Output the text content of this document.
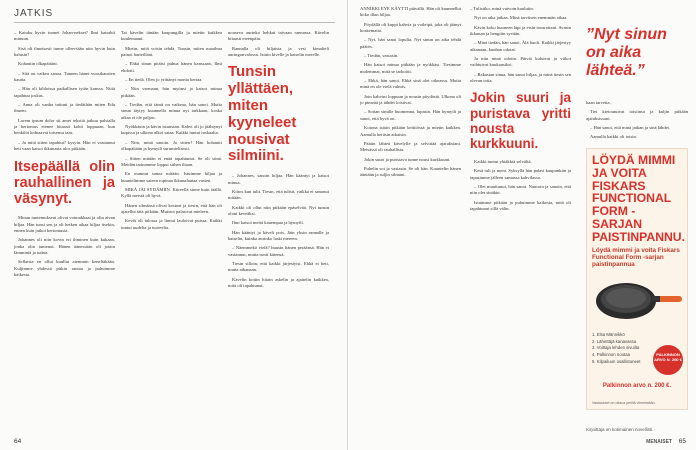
JATKIS

– Kaiuku hyvin tunnet Johan-nekset? Ilmi katsahti minuun.

Sisä oli ilmeisesti tunne ollen-tään niin hyvin kuin halusin?

Kohautin olkapäitäni.

– Sitä on vaikea sanoa. Tunnen hänet vuosikausien kautta.

– Hän oli kihloissa paikallisen tytön kanssa. Niitä tapahtuu joskus.

– Anna oli vanha tuttuni ja tiedäthän miten Edu ilmeni.

Lorem ipsum dolor sit amet tekstiä jatkuu palstalla ja kertomus etenee hitaasti kohti loppuaan, kun henkilöt kohtaavat toisensa taas.

– Ja mitä sitten tapahtui? kysyin. Hän ei vastannut heti vaan katsoi ikkunasta ulos pitkään.

Itsepäällä olin rauhallinen ja väsynyt.

Minun tuntemukseni olivat voimakkaat ja olin aivan hiljaa. Hän tunsi sen ja oli hetken aikaa hiljaa itsekin, ennen kuin jatkoi kertomusta.

Johannes oli niin kovin eri ihminen kuin kukaan, jonka olin tuntenut. Hänen äänessään oli jotain lämmintä ja tuttua.

Sellaista en ollut kuullut aiemmin keneltäkään. Kuljimme yhdessä pitkin rantaa ja puhuimme kaikesta.

Tai kävelin tänään kaupungilla ja mietin kaikkea kuulemaani.

Mietin, mitä voisin tehdä. Tunsin, miten maailma painoi harteillani.

– Ehkä sinun pitäisi puhua hänen kanssaan, Ilmi ehdotti.

– En tiedä. Olen jo yrittänyt monta kertaa.

– Niin varmaan, hän myönsi ja katsoi minua pitkään.

– Tiedän, että tämä on vaikeaa, hän sanoi. Mutta sinun täytyy kuunnella minua nyt tarkkaan, koska aikaa ei ole paljon.

Nyökkäsin ja kävin istumaan. Kahvi oli jo jäähtynyt kupissa ja ulkona alkoi sataa. Kaikki tuntui raskaalta.

– Niin, minä sanoin. Ja sitten? Hän kohautti olkapäitään ja hymyili surumielisesti.

– Sitten mitään ei enää tapahtunut. Se oli siinä. Meidän tarinamme loppui siihen iltaan.

En osannut sanoa mitään. Istuimme hiljaa ja kuuntelimme sateen ropinaa ikkunalautaa vasten.

MIKÄ JÄI SYDÄMIIN. Kiireellä sinne kuin täällä. Kyllä meistä oli hyvä.

Hänen silmänsä olivat kosteat ja tiesin, että hän oli ajatellut tätä pitkään. Muistot palasivat mieleen.

Kevät oli tulossa ja linnut lauloivat puissa. Kaikki tuntui uudelta ja tuoreelta.

nouseva aurinko hehkui taivaan rannassa. Kävelin hitaasti eteenpäin.

Rannalla oli hiljaista ja vesi kimalteli auringonvalossa. Istuin kivelle ja katselin merelle.

Tunsin yllättäen, miten kyyneleet nousivat silmiini.

– Johannes, sanoin hiljaa. Hän kääntyi ja katsoi minua.

Kiitos kun tulit. Tiesin, että tulisit, vaikka et sanonut mitään.

Kaikki oli ollut niin pitkään epäselvää. Nyt tunsin oloni keveäksi.

Ilmi katsoi meitä kauempaa ja hymyili.

Hän kääntyi ja käveli pois. Jäin yksin rannalle ja katselin, kuinka aurinko laski mereen.

– Näemmekö vielä? huusin hänen peräänsä. Hän ei vastannut, mutta nosti kätensä.

Tiesin silloin, että kaikki järjestyisi. Ehkä ei heti, mutta aikanaan.

Kävelin kotiin hitain askelin ja ajattelin kaikkea, mitä oli tapahtunut.

64

ANNIKKI EYE KÄYTTI päivällä. Hän oli kuunnellut koko illan hiljaa.

Pöydällä oli kuppi kahvia ja voileipä, joka oli jäänyt koskematta.

– Nyt, hän sanoi lopulta. Nyt sinun on aika tehdä päätös.

– Tiedän, vastasin.

Hän katsoi minua pitkään ja nyökkäsi. Tiesimme molemmat, mitä se tarkoitti.

– Ehkä, hän sanoi. Ehkä sinä olet oikeassa. Mutta minä en ole vielä valmis.

Join kahvini loppuun ja nousin pöydästä. Ulkona oli jo pimeää ja tähdet loistivat.

– Soitan sinulle huomenna, lupasin. Hän hymyili ja sanoi, että hyvä on.

Kotona istuin pitkään keittiössä ja mietin kaikkea. Aamulla heräsin aikaisin.

Päätin lähteä kävelylle ja selvittää ajatuksiani. Metsässä oli rauhallista.

Jokin suuri ja puristava tunne nousi kurkkuuni.

Puhelin soi ja vastasin. Se oli hän. Kuuntelin hänen ääntään ja suljin silmäni.

– Tulisitko, minä vaivoin kuulutin.

Nyt on aika jatkaa. Minä tarvitsen enemmän aikaa.

Kävin koko huoneen läpi ja etsin tavaroitani. Avasin ikkunan ja hengitin syvään.

– Minä tiedän, hän sanoi. Älä huoli. Kaikki järjestyy aikanaan, kunhan odotat.

Ja niin minä odotin. Päivät kuluivat ja viikot vaihtuivat kuukausiksi.

– Rakastan sinua, hän sanoi hiljaa, ja minä tiesin sen olevan totta.

Jokin suuri ja puristava yritti nousta kurkkuuni.

Kaikki tuntui yhtäkkiä selvältä.

Kesä tuli ja meni. Syksyllä hän palasi kaupunkiin ja tapasimme jälleen samassa kahvilassa.

– Olet muuttunut, hän sanoi. Nauroin ja sanoin, että niin olet sinäkin.

Istuimme pitkään ja puhuimme kaikesta, mitä oli tapahtunut sillä välin.

”Nyt sinun on aika lähteä.”

kaan tarvetta.

Tiet kietoutuivat toisiinsa ja kuljin pitkään ajatuksissani.

– Hän sanoi, että minä jatkan ja sinä lähdet.

Aamulla kaikki oli toisin.

LÖYDÄ MIMMI JA VOITA FISKARS FUNCTIONAL FORM -SARJAN PAISTINPANNU.
Löydä mimmi ja voita Fiskars Functional Form -sarjan paistinpannua
1. Elsa Männikkö
2. Lähettäjä kanavassa
3. Voittaja lehden sivuilta
4. Palkinnon noutaa
5. Kilpailuun osallistuneet
PALKINNON ARVO N. 200 €
Palkinnon arvo n. 200 €.
Vastaukset on oltava perillä viimeistään.
Kirjoittaja on kotimainen novellisti.
MENAISET 65
